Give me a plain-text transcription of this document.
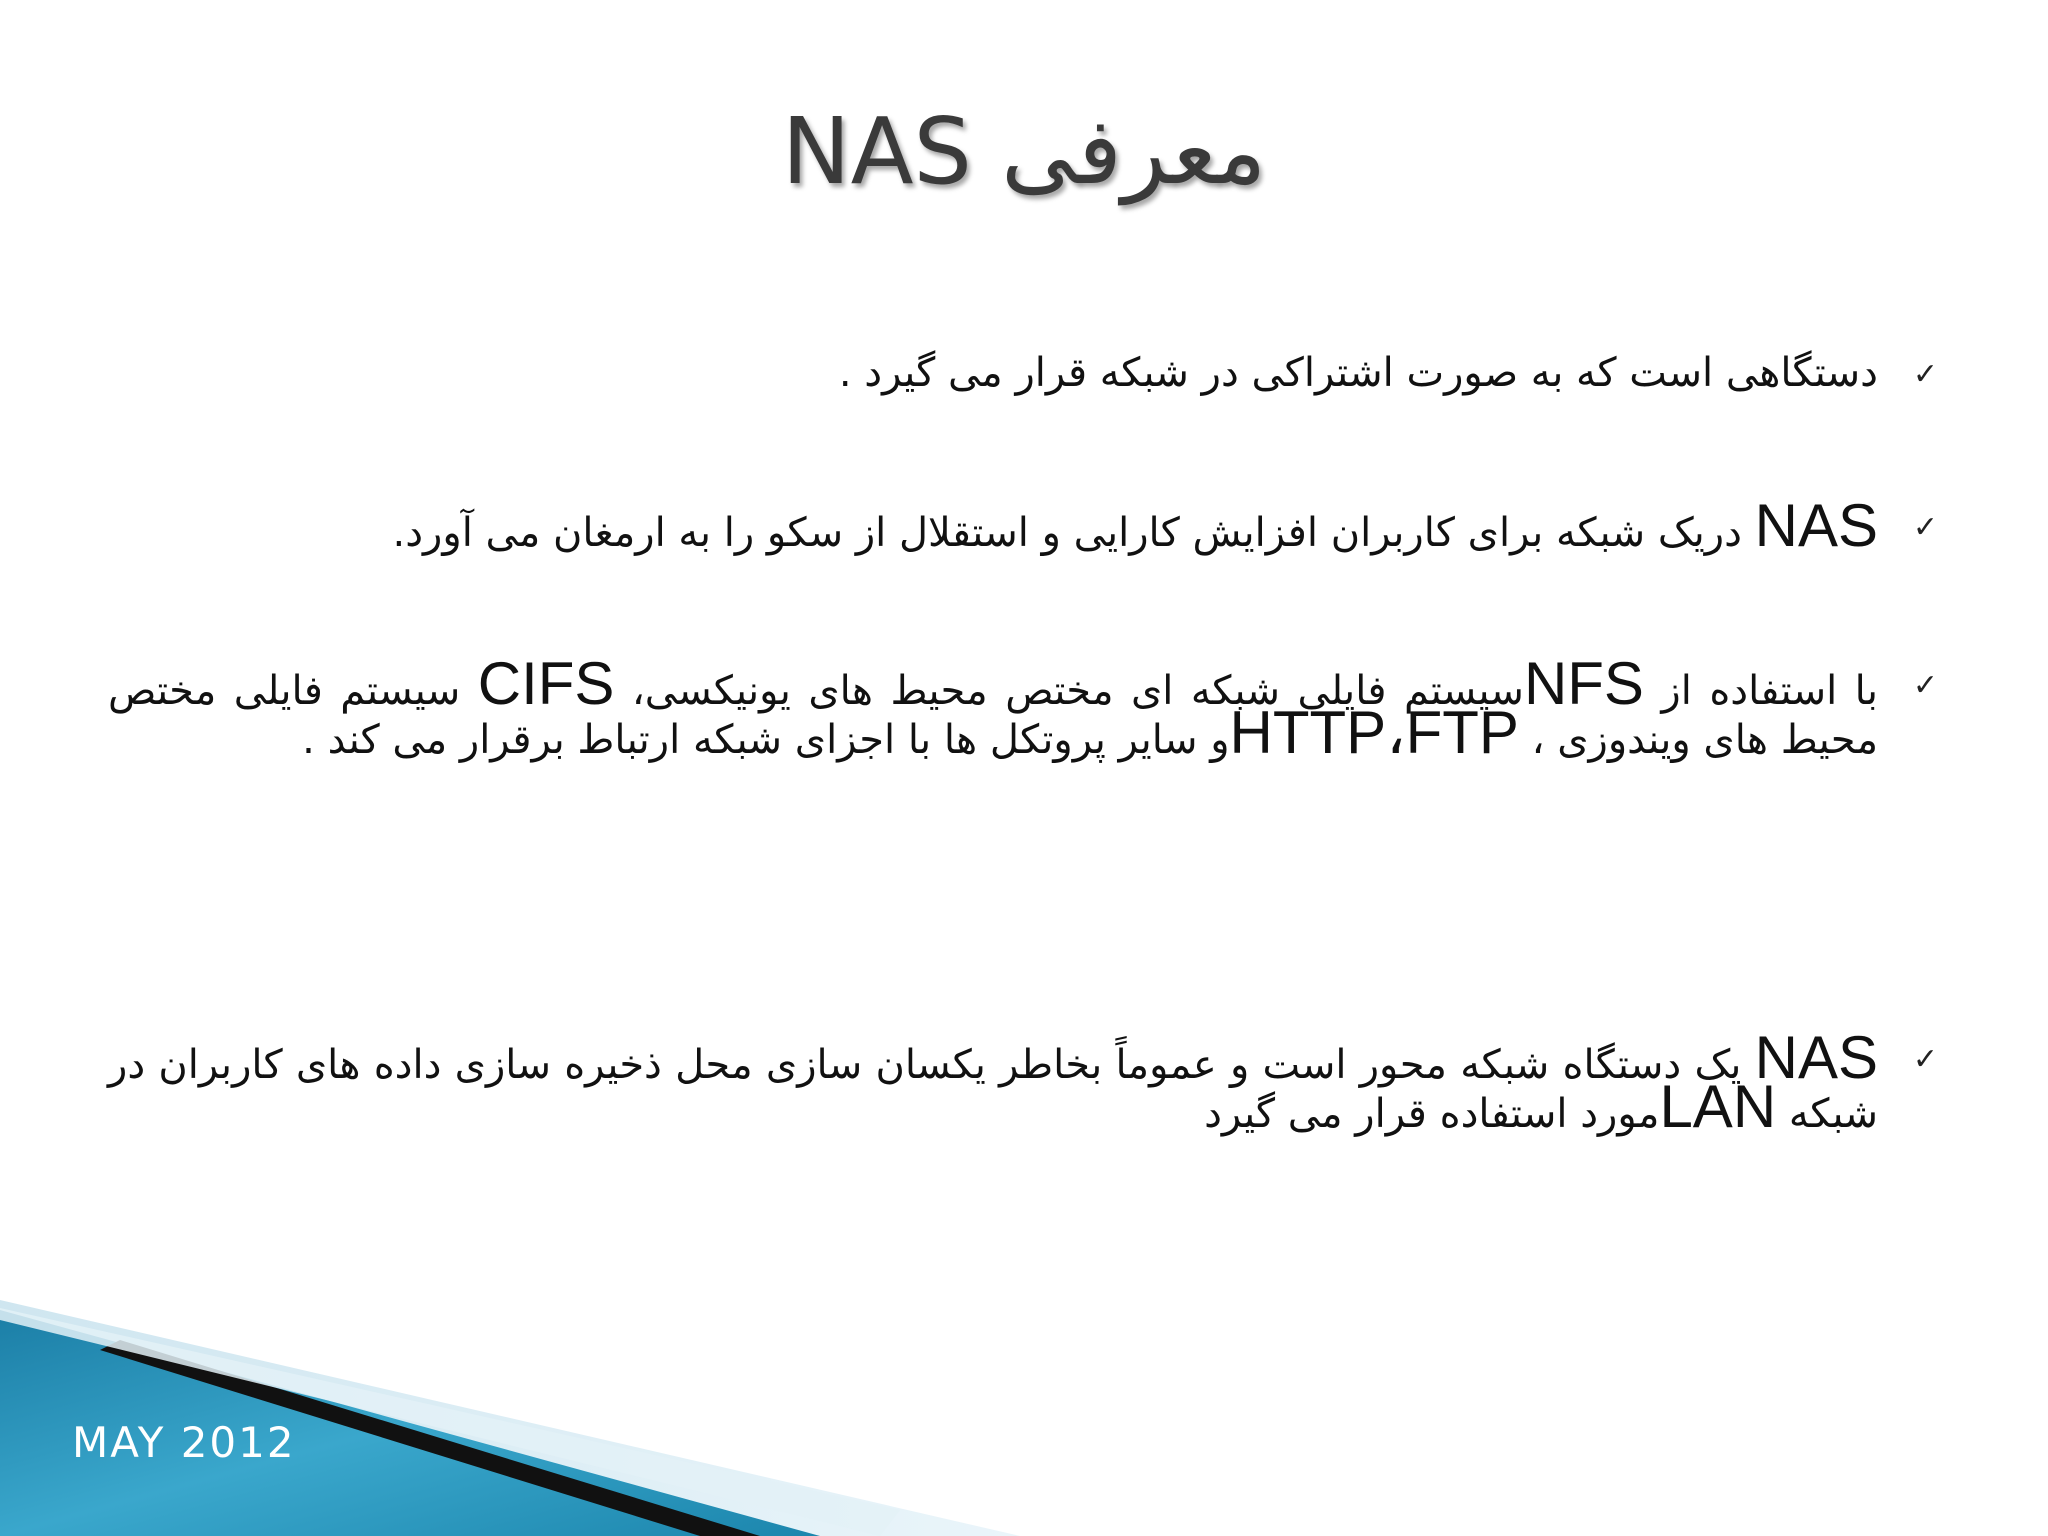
معرفی NAS
✓
دستگاهی است که به صورت اشتراکی در شبکه قرار می گیرد .
✓
NAS دریک شبکه برای کاربران افزایش کارایی و استقلال از سکو را به ارمغان می آورد.
✓
با استفاده از NFSسیستم فایلی شبکه ای مختص محیط های یونیکسی، CIFS سیستم فایلی مختص محیط های ویندوزی ، HTTP،FTPو سایر پروتکل ها با اجزای شبکه ارتباط برقرار می کند .
✓
NAS یک دستگاه شبکه محور است و عموماً بخاطر یکسان سازی محل ذخیره سازی داده های کاربران در شبکه LANمورد استفاده قرار می گیرد
MAY 2012
